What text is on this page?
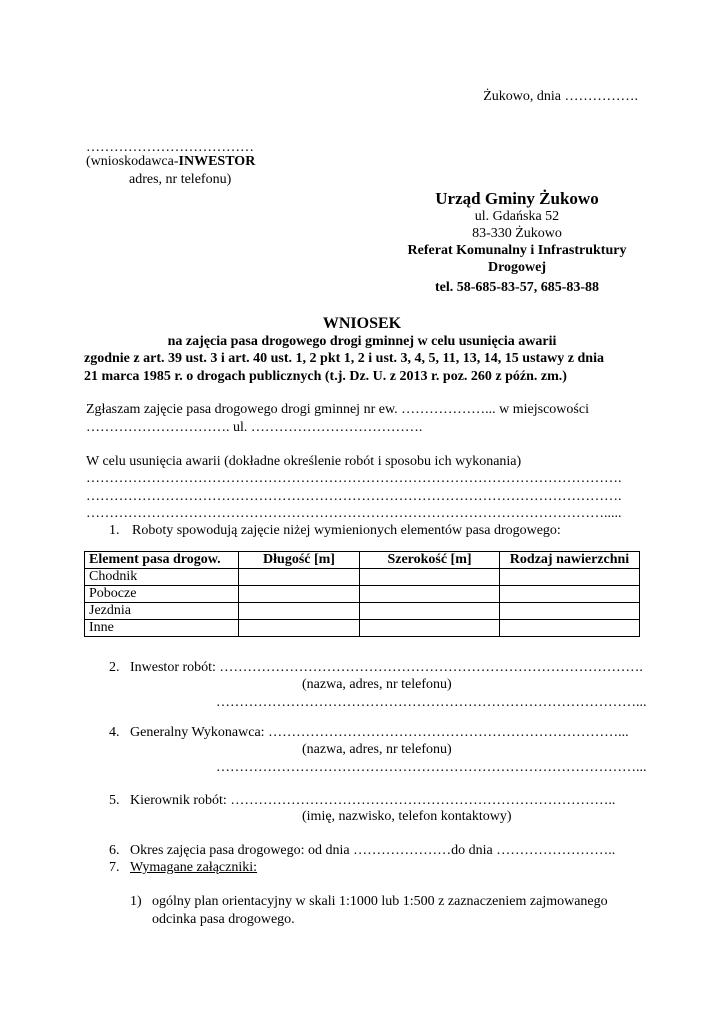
Żukowo, dnia …………….
………………………………
(wnioskodawca-INWESTOR
adres, nr telefonu)
Urząd Gminy Żukowo
ul. Gdańska 52
83-330 Żukowo
Referat Komunalny i Infrastruktury
Drogowej
tel. 58-685-83-57, 685-83-88
WNIOSEK
na zajęcia pasa drogowego drogi gminnej w celu usunięcia awarii
zgodnie z art. 39 ust. 3 i art. 40 ust. 1, 2 pkt 1, 2 i ust. 3, 4, 5, 11, 13, 14, 15 ustawy z dnia
21 marca 1985 r. o drogach publicznych (t.j. Dz. U. z 2013 r. poz. 260 z późn. zm.)
Zgłaszam zajęcie pasa drogowego drogi gminnej nr ew. ………………... w miejscowości
…………………………. ul. ……………………………….
W celu usunięcia awarii (dokładne określenie robót i sposobu ich wykonania)
…………………………………………………………………………………………………….
…………………………………………………………………………………………………….
………………………………………………………………………………………………….....
1. Roboty spowodują zajęcie niżej wymienionych elementów pasa drogowego:
Element pasa drogow.	Długość [m]	Szerokość [m]	Rodzaj nawierzchni
Chodnik			
Pobocze			
Jezdnia			
Inne			
2. Inwestor robót: ……………………………………………………………………………….
(nazwa, adres, nr telefonu)
………………………………………………………………………………...
4. Generalny Wykonawca: …………………………………………………………………...
(nazwa, adres, nr telefonu)
………………………………………………………………………………...
5. Kierownik robót: ………………………………………………………………………..
(imię, nazwisko, telefon kontaktowy)
6. Okres zajęcia pasa drogowego: od dnia …………………do dnia ……………………..
7. Wymagane załączniki:
1) ogólny plan orientacyjny w skali 1:1000 lub 1:500 z zaznaczeniem zajmowanego
odcinka pasa drogowego.
